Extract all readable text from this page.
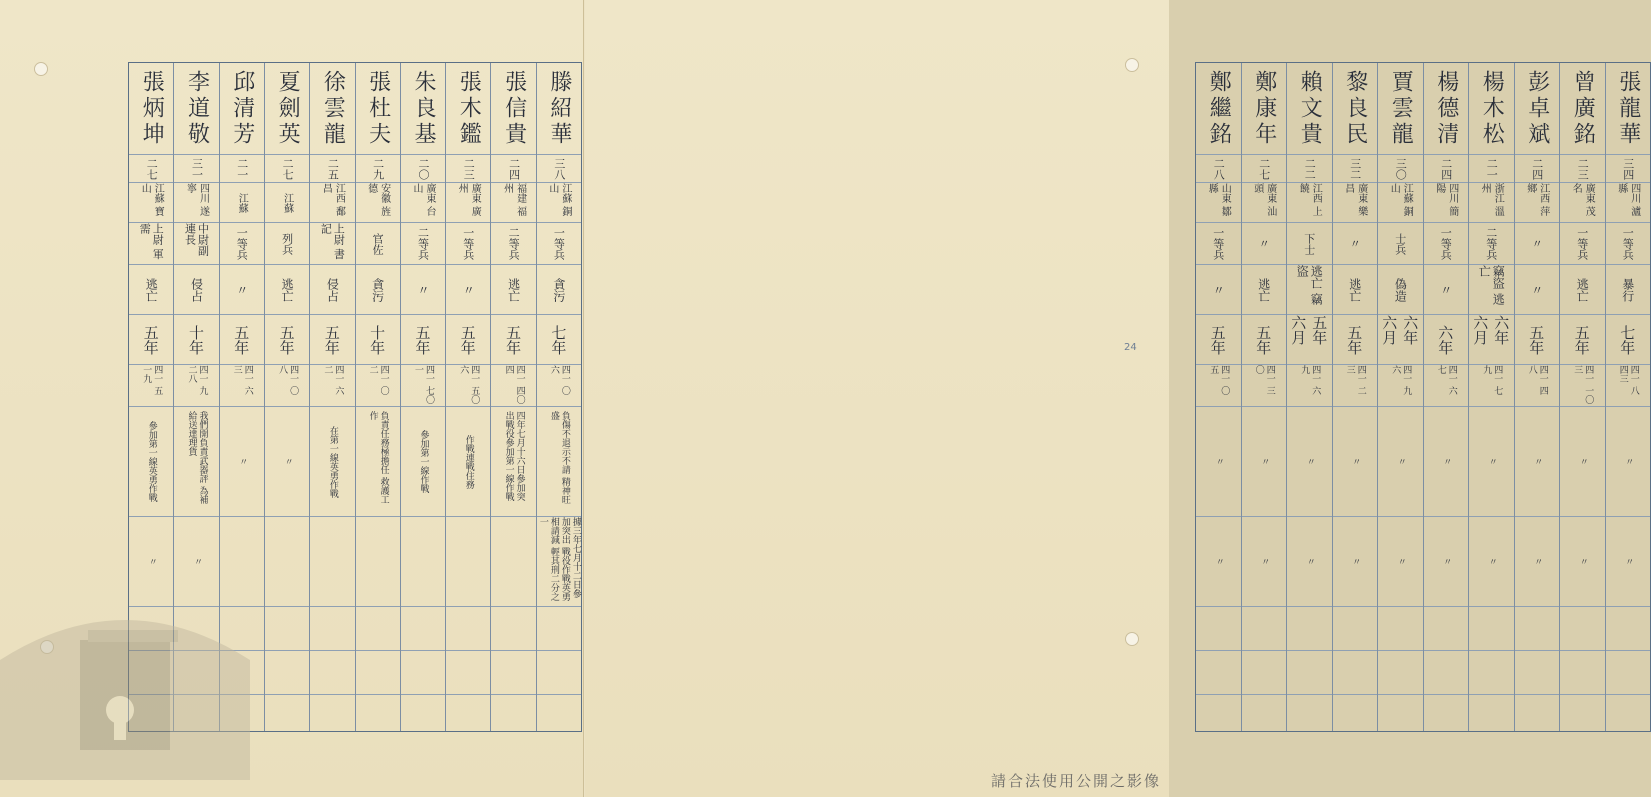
滕紹華
三八
江蘇 銅山
一等兵
貪污
七年
四一 〇 六
負傷不退示不請 精神旺盛
據三年七月十二日參加突出 戰役作戰英勇相請減 輕其刑二分之一
張信貴
二四
福建 福州
二等兵
逃亡
五年
四一 四〇 四
四年七月十六日參加突 出戰役參加第一線作戰
張木鑑
二三
廣東 廣州
一等兵
〃
五年
四一 五〇 六
作戰連戰住務
朱良基
二〇
廣東 台山
二等兵
〃
五年
四一 七〇 一
參加第一線作戰
張杜夫
二九
安徽 旌德
官佐
貪污
十年
四一 〇 二
負責任務極擔任 救護工作
徐雲龍
二五
江西 鄱昌
上尉 書記
侵占
五年
四一 六 二
在第一線英勇作戰
夏劍英
二七
江蘇
列兵
逃亡
五年
四一 〇 八
〃
邱清芳
二一
江蘇
一等兵
〃
五年
四一 六 三
〃
李道敬
三一
四川 遂寧
中尉副 連長
侵占
十年
四一 九 二八
我們開負責武器評 為補給送達理貨
〃
張炳坤
二七
江蘇 寶山
上尉 軍需
逃亡
五年
四一 五 一九
參加第一線英勇作戰
〃
張龍華
三四
四川 瀘縣
一等兵
暴行
七年
四一 八 四三
〃
〃
曾廣銘
二三
廣東 茂名
一等兵
逃亡
五年
四一 一〇 三
〃
〃
彭卓斌
二四
江西 萍鄉
〃
〃
五年
四一 四 八
〃
〃
楊木松
二一
浙江 溫州
二等兵
竊盜 逃亡
六年 六月
四一 七 九
〃
〃
楊德清
二四
四川 簡陽
一等兵
〃
六年
四一 六 七
〃
〃
賈雲龍
三〇
江蘇 銅山
士兵
偽造
六年 六月
四一 九 六
〃
〃
黎良民
三二
廣東 樂昌
〃
逃亡
五年
四一 二 三
〃
〃
賴文貴
二二
江西 上饒
下士
逃亡 竊盜
五年 六月
四一 六 九
〃
〃
鄭康年
二七
廣東 汕頭
〃
逃亡
五年
四一 三 〇
〃
〃
鄭繼銘
二八
山東 鄒縣
一等兵
〃
五年
四一 〇 五
〃
〃
24
請合法使用公開之影像
